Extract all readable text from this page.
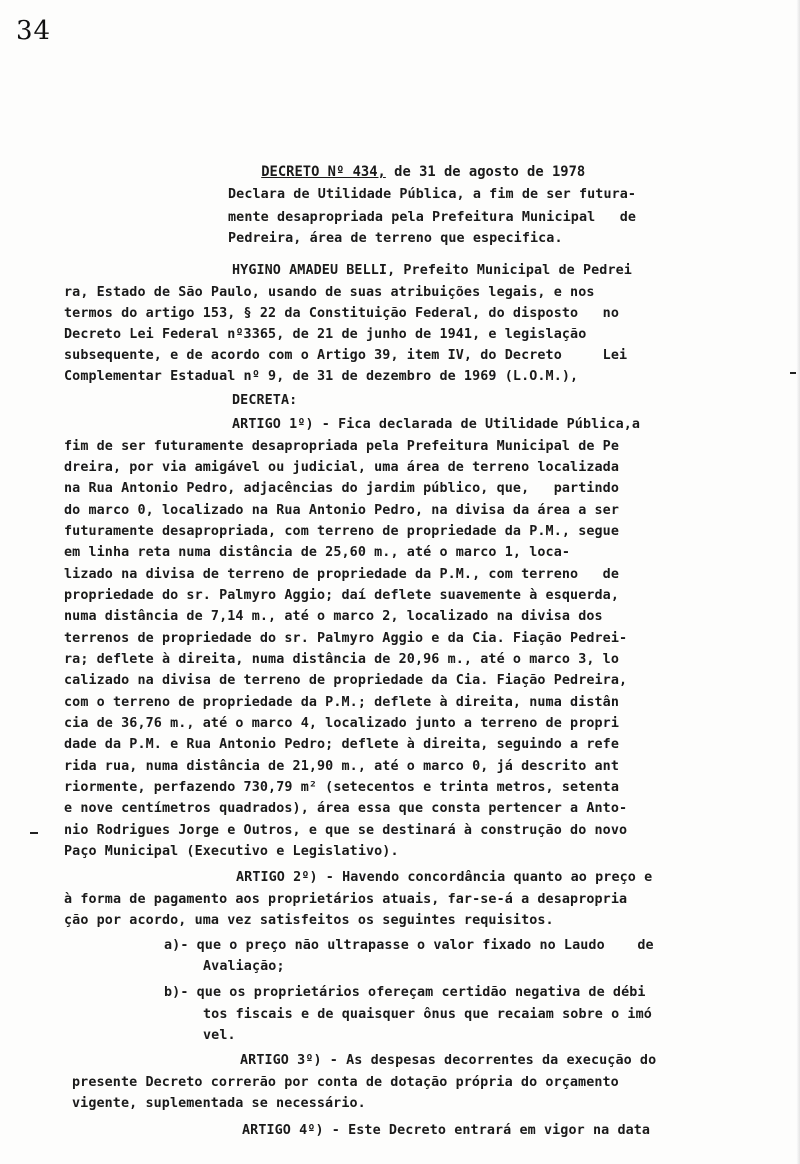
34

DECRETO Nº 434, de 31 de agosto de 1978

Declara de Utilidade Pública, a fim de ser futura-
mente desapropriada pela Prefeitura Municipal   de
Pedreira, área de terreno que especifica.
HYGINO AMADEU BELLI, Prefeito Municipal de Pedrei
ra, Estado de São Paulo, usando de suas atribuições legais, e nos
termos do artigo 153, § 22 da Constituição Federal, do disposto   no
Decreto Lei Federal nº3365, de 21 de junho de 1941, e legislação
subsequente, e de acordo com o Artigo 39, item IV, do Decreto     Lei
Complementar Estadual nº 9, de 31 de dezembro de 1969 (L.O.M.),
DECRETA:
ARTIGO 1º) - Fica declarada de Utilidade Pública,a
fim de ser futuramente desapropriada pela Prefeitura Municipal de Pe
dreira, por via amigável ou judicial, uma área de terreno localizada
na Rua Antonio Pedro, adjacências do jardim público, que,   partindo
do marco 0, localizado na Rua Antonio Pedro, na divisa da área a ser
futuramente desapropriada, com terreno de propriedade da P.M., segue
em linha reta numa distância de 25,60 m., até o marco 1, loca-
lizado na divisa de terreno de propriedade da P.M., com terreno   de
propriedade do sr. Palmyro Aggio; daí deflete suavemente à esquerda,
numa distância de 7,14 m., até o marco 2, localizado na divisa dos
terrenos de propriedade do sr. Palmyro Aggio e da Cia. Fiação Pedrei-
ra; deflete à direita, numa distância de 20,96 m., até o marco 3, lo
calizado na divisa de terreno de propriedade da Cia. Fiação Pedreira,
com o terreno de propriedade da P.M.; deflete à direita, numa distân
cia de 36,76 m., até o marco 4, localizado junto a terreno de propri
dade da P.M. e Rua Antonio Pedro; deflete à direita, seguindo a refe
rida rua, numa distância de 21,90 m., até o marco 0, já descrito ant
riormente, perfazendo 730,79 m² (setecentos e trinta metros, setenta
e nove centímetros quadrados), área essa que consta pertencer a Anto-
nio Rodrigues Jorge e Outros, e que se destinará à construção do novo
Paço Municipal (Executivo e Legislativo).
ARTIGO 2º) - Havendo concordância quanto ao preço e
à forma de pagamento aos proprietários atuais, far-se-á a desapropria
ção por acordo, uma vez satisfeitos os seguintes requisitos.
a)- que o preço não ultrapasse o valor fixado no Laudo    de
Avaliação;
b)- que os proprietários ofereçam certidão negativa de débi
tos fiscais e de quaisquer ônus que recaiam sobre o imó
vel.
ARTIGO 3º) - As despesas decorrentes da execução do
presente Decreto correrão por conta de dotação própria do orçamento
vigente, suplementada se necessário.
ARTIGO 4º) - Este Decreto entrará em vigor na data
